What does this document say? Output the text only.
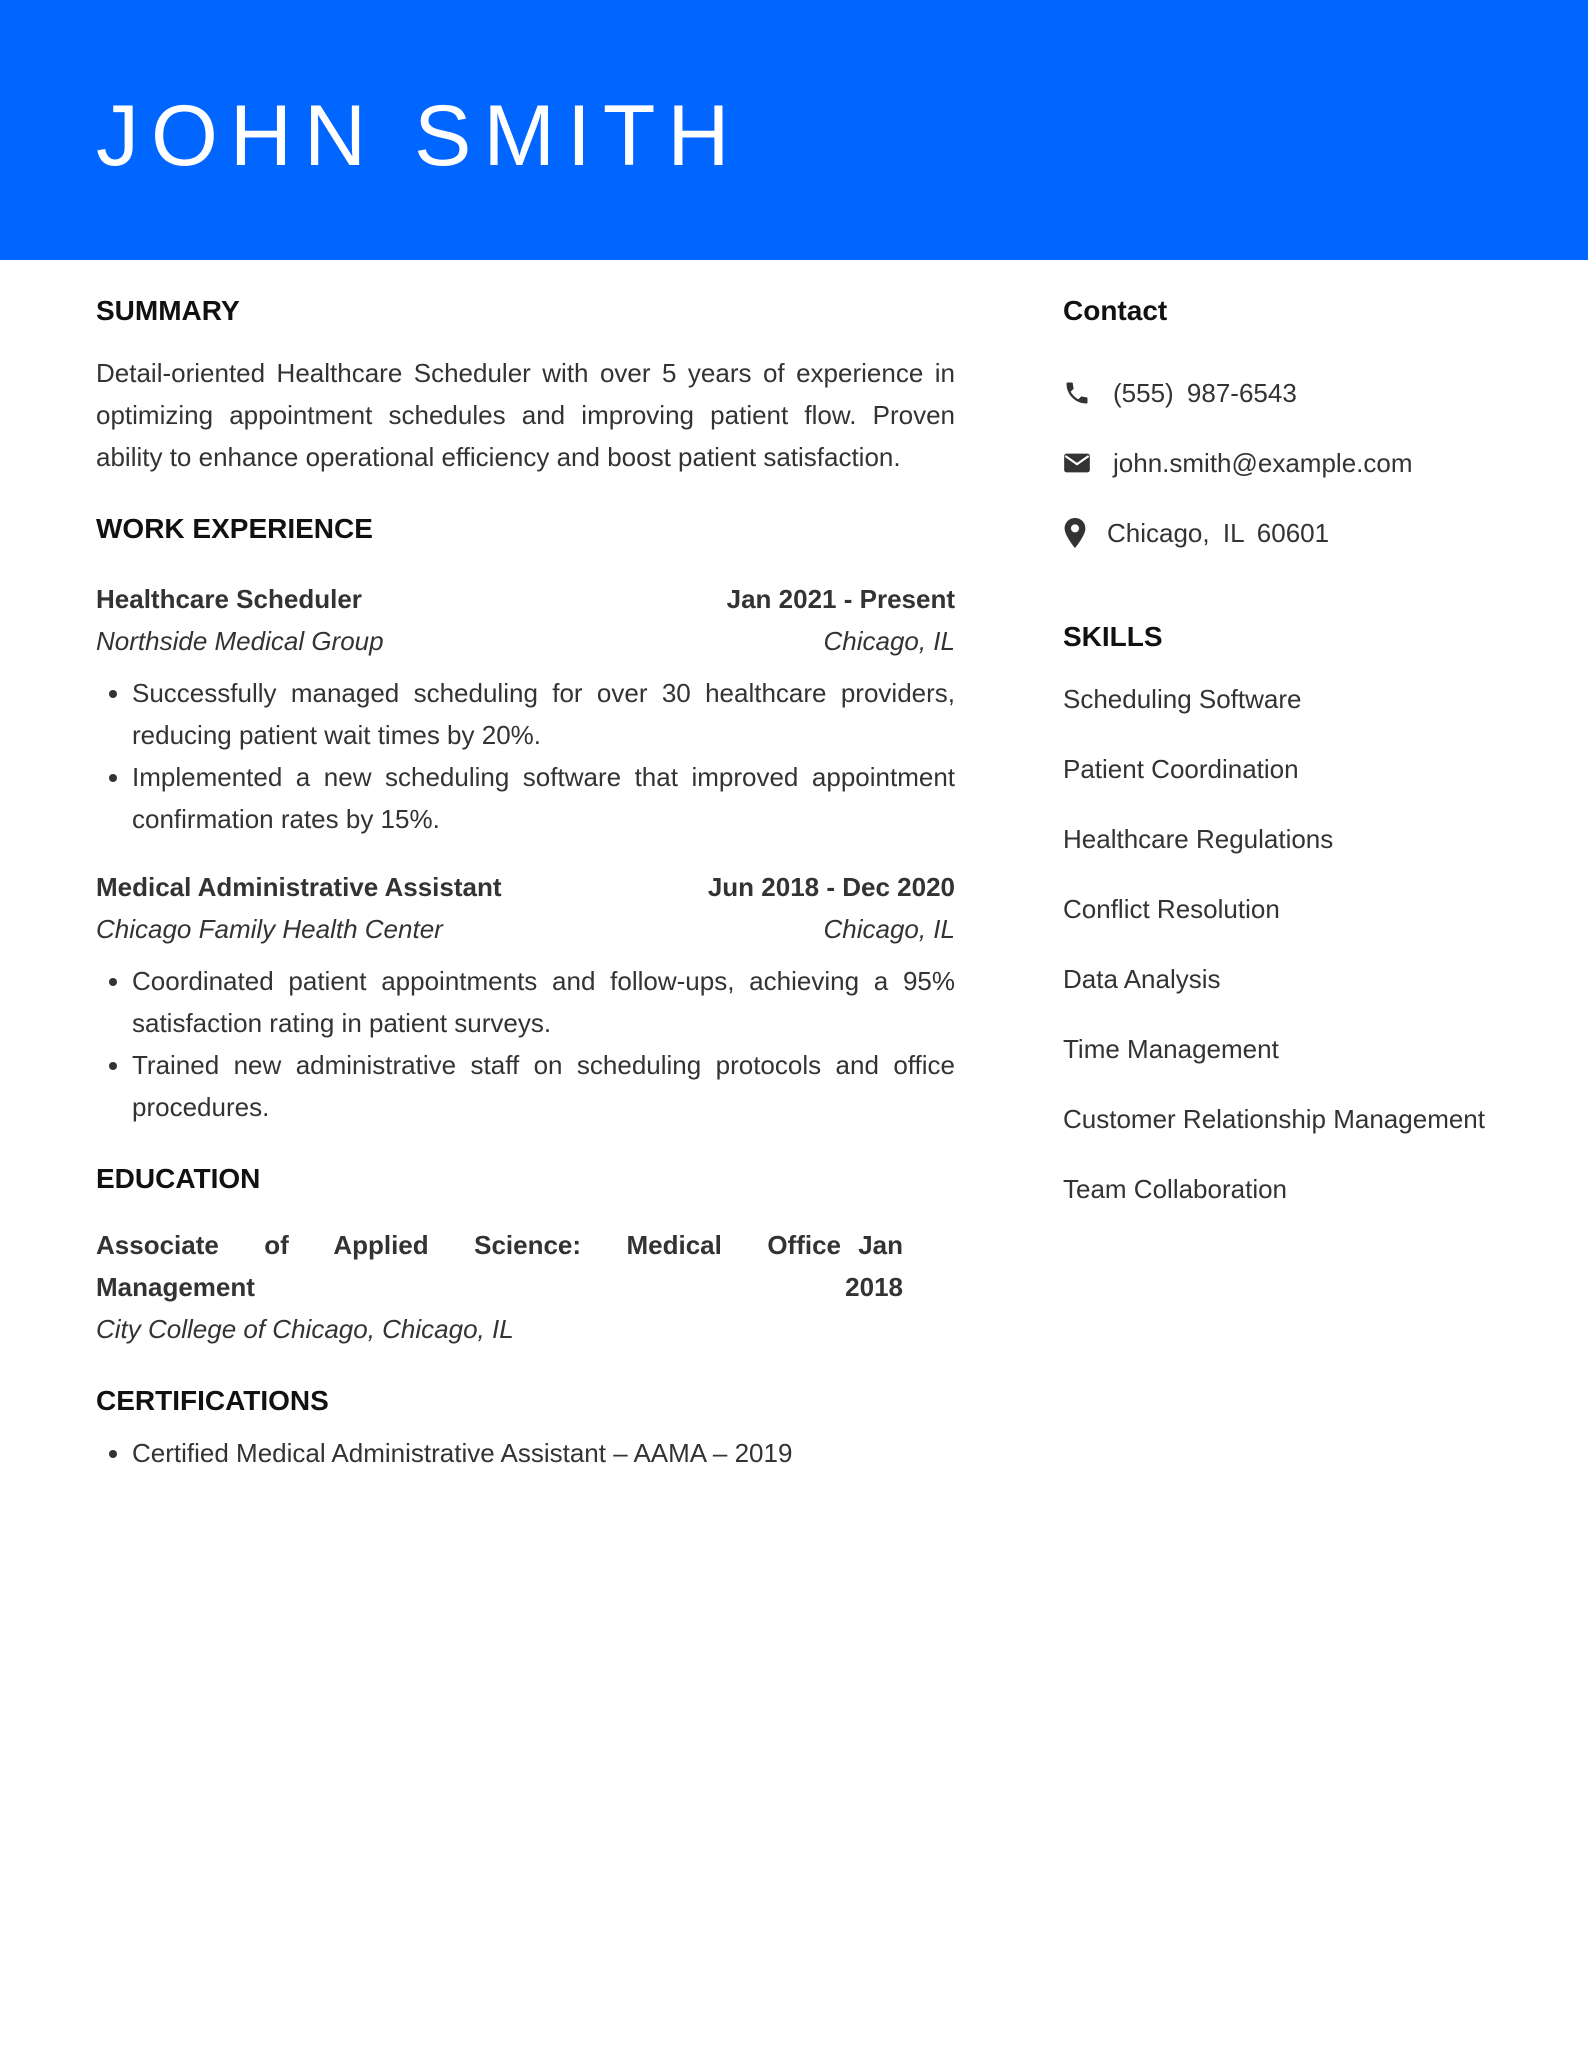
JOHN SMITH
SUMMARY

Detail-oriented Healthcare Scheduler with over 5 years of experience in optimizing appointment schedules and improving patient flow. Proven ability to enhance operational efficiency and boost patient satisfaction.

WORK EXPERIENCE
Healthcare Scheduler	Jan 2021 - Present
Northside Medical Group	Chicago, IL
• Successfully managed scheduling for over 30 healthcare providers, reducing patient wait times by 20%.
• Implemented a new scheduling software that improved appointment confirmation rates by 15%.
Medical Administrative Assistant	Jun 2018 - Dec 2020
Chicago Family Health Center	Chicago, IL
• Coordinated patient appointments and follow-ups, achieving a 95% satisfaction rating in patient surveys.
• Trained new administrative staff on scheduling protocols and office procedures.
EDUCATION
Associate of Applied Science: Medical Office Management
Jan 2018
City College of Chicago, Chicago, IL
CERTIFICATIONS
• Certified Medical Administrative Assistant – AAMA – 2019
Contact
(555) 987-6543
john.smith@example.com
Chicago, IL 60601
SKILLS
Scheduling Software
Patient Coordination
Healthcare Regulations
Conflict Resolution
Data Analysis
Time Management
Customer Relationship Management
Team Collaboration
